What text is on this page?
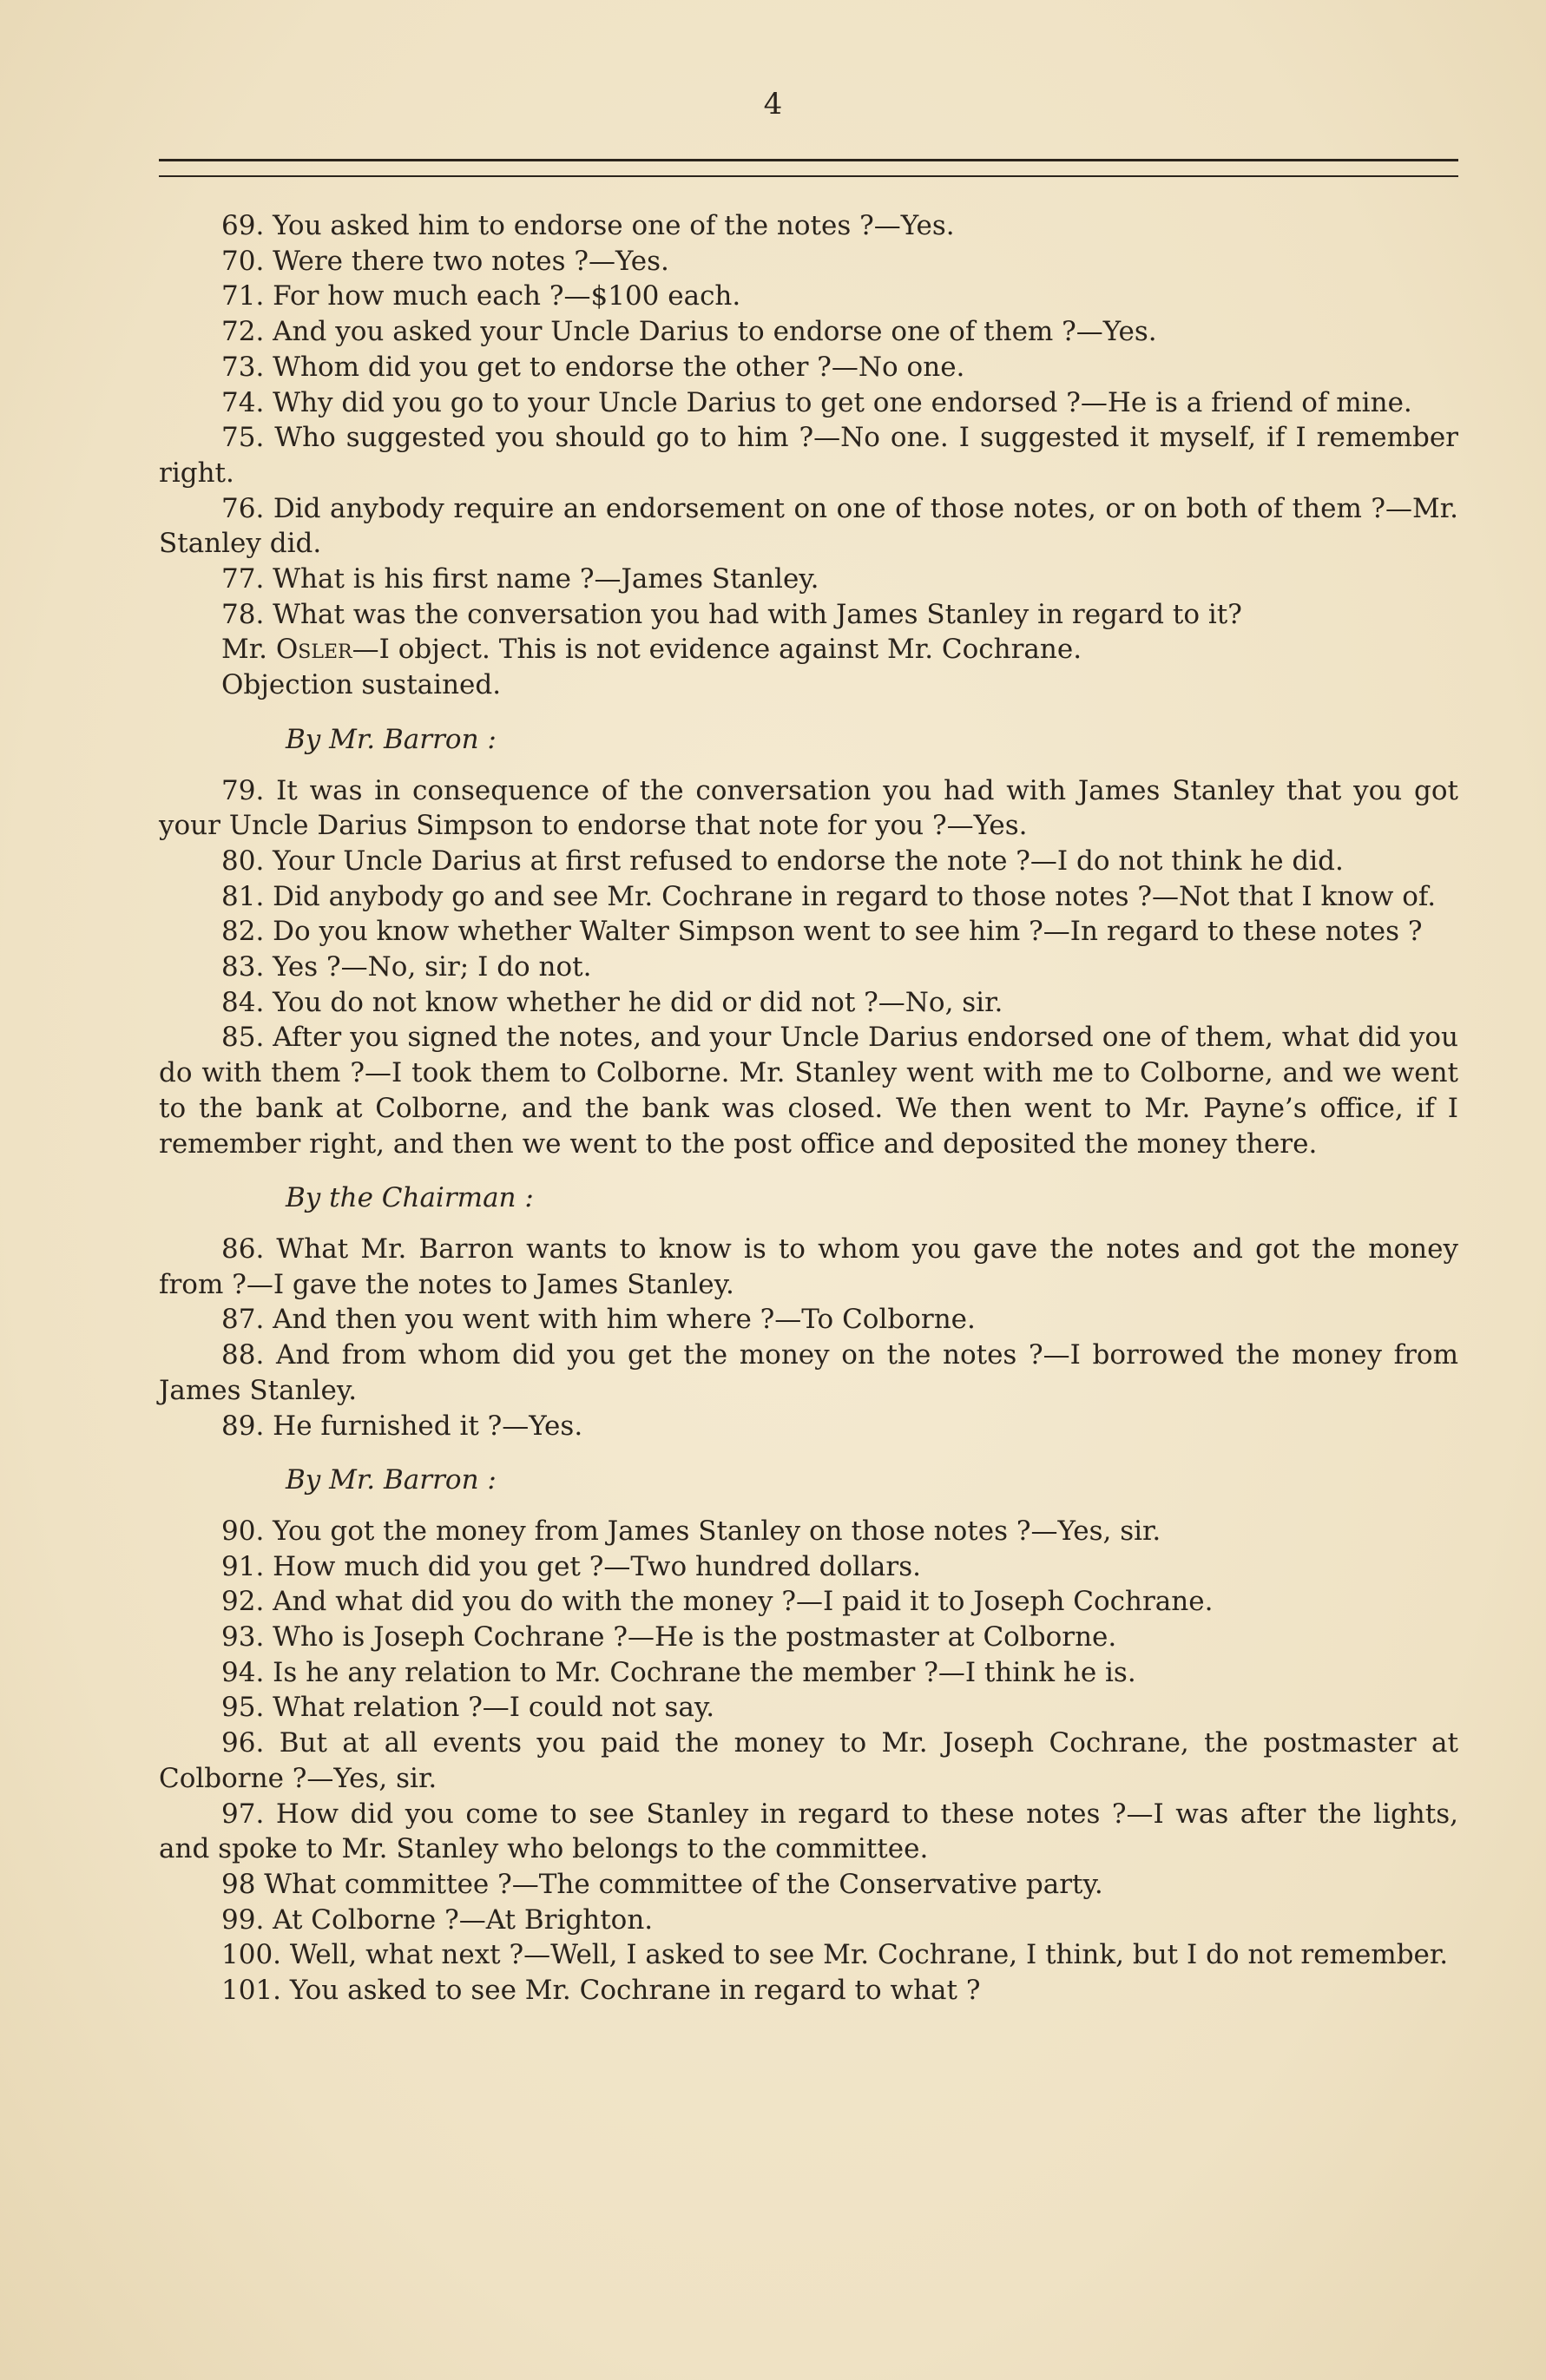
4

69. You asked him to endorse one of the notes ?—Yes.

70. Were there two notes ?—Yes.

71. For how much each ?—$100 each.

72. And you asked your Uncle Darius to endorse one of them ?—Yes.

73. Whom did you get to endorse the other ?—No one.

74. Why did you go to your Uncle Darius to get one endorsed ?—He is a friend of mine.

75. Who suggested you should go to him ?—No one. I suggested it myself, if I remember right.

76. Did anybody require an endorsement on one of those notes, or on both of them ?—Mr. Stanley did.

77. What is his first name ?—James Stanley.

78. What was the conversation you had with James Stanley in regard to it?

Mr. Osler—I object. This is not evidence against Mr. Cochrane.

Objection sustained.

By Mr. Barron :

79. It was in consequence of the conversation you had with James Stanley that you got your Uncle Darius Simpson to endorse that note for you ?—Yes.

80. Your Uncle Darius at first refused to endorse the note ?—I do not think he did.

81. Did anybody go and see Mr. Cochrane in regard to those notes ?—Not that I know of.

82. Do you know whether Walter Simpson went to see him ?—In regard to these notes ?

83. Yes ?—No, sir; I do not.

84. You do not know whether he did or did not ?—No, sir.

85. After you signed the notes, and your Uncle Darius endorsed one of them, what did you do with them ?—I took them to Colborne. Mr. Stanley went with me to Colborne, and we went to the bank at Colborne, and the bank was closed. We then went to Mr. Payne’s office, if I remember right, and then we went to the post office and deposited the money there.

By the Chairman :

86. What Mr. Barron wants to know is to whom you gave the notes and got the money from ?—I gave the notes to James Stanley.

87. And then you went with him where ?—To Colborne.

88. And from whom did you get the money on the notes ?—I borrowed the money from James Stanley.

89. He furnished it ?—Yes.

By Mr. Barron :

90. You got the money from James Stanley on those notes ?—Yes, sir.

91. How much did you get ?—Two hundred dollars.

92. And what did you do with the money ?—I paid it to Joseph Cochrane.

93. Who is Joseph Cochrane ?—He is the postmaster at Colborne.

94. Is he any relation to Mr. Cochrane the member ?—I think he is.

95. What relation ?—I could not say.

96. But at all events you paid the money to Mr. Joseph Cochrane, the postmaster at Colborne ?—Yes, sir.

97. How did you come to see Stanley in regard to these notes ?—I was after the lights, and spoke to Mr. Stanley who belongs to the committee.

98 What committee ?—The committee of the Conservative party.

99. At Colborne ?—At Brighton.

100. Well, what next ?—Well, I asked to see Mr. Cochrane, I think, but I do not remember.

101. You asked to see Mr. Cochrane in regard to what ?
